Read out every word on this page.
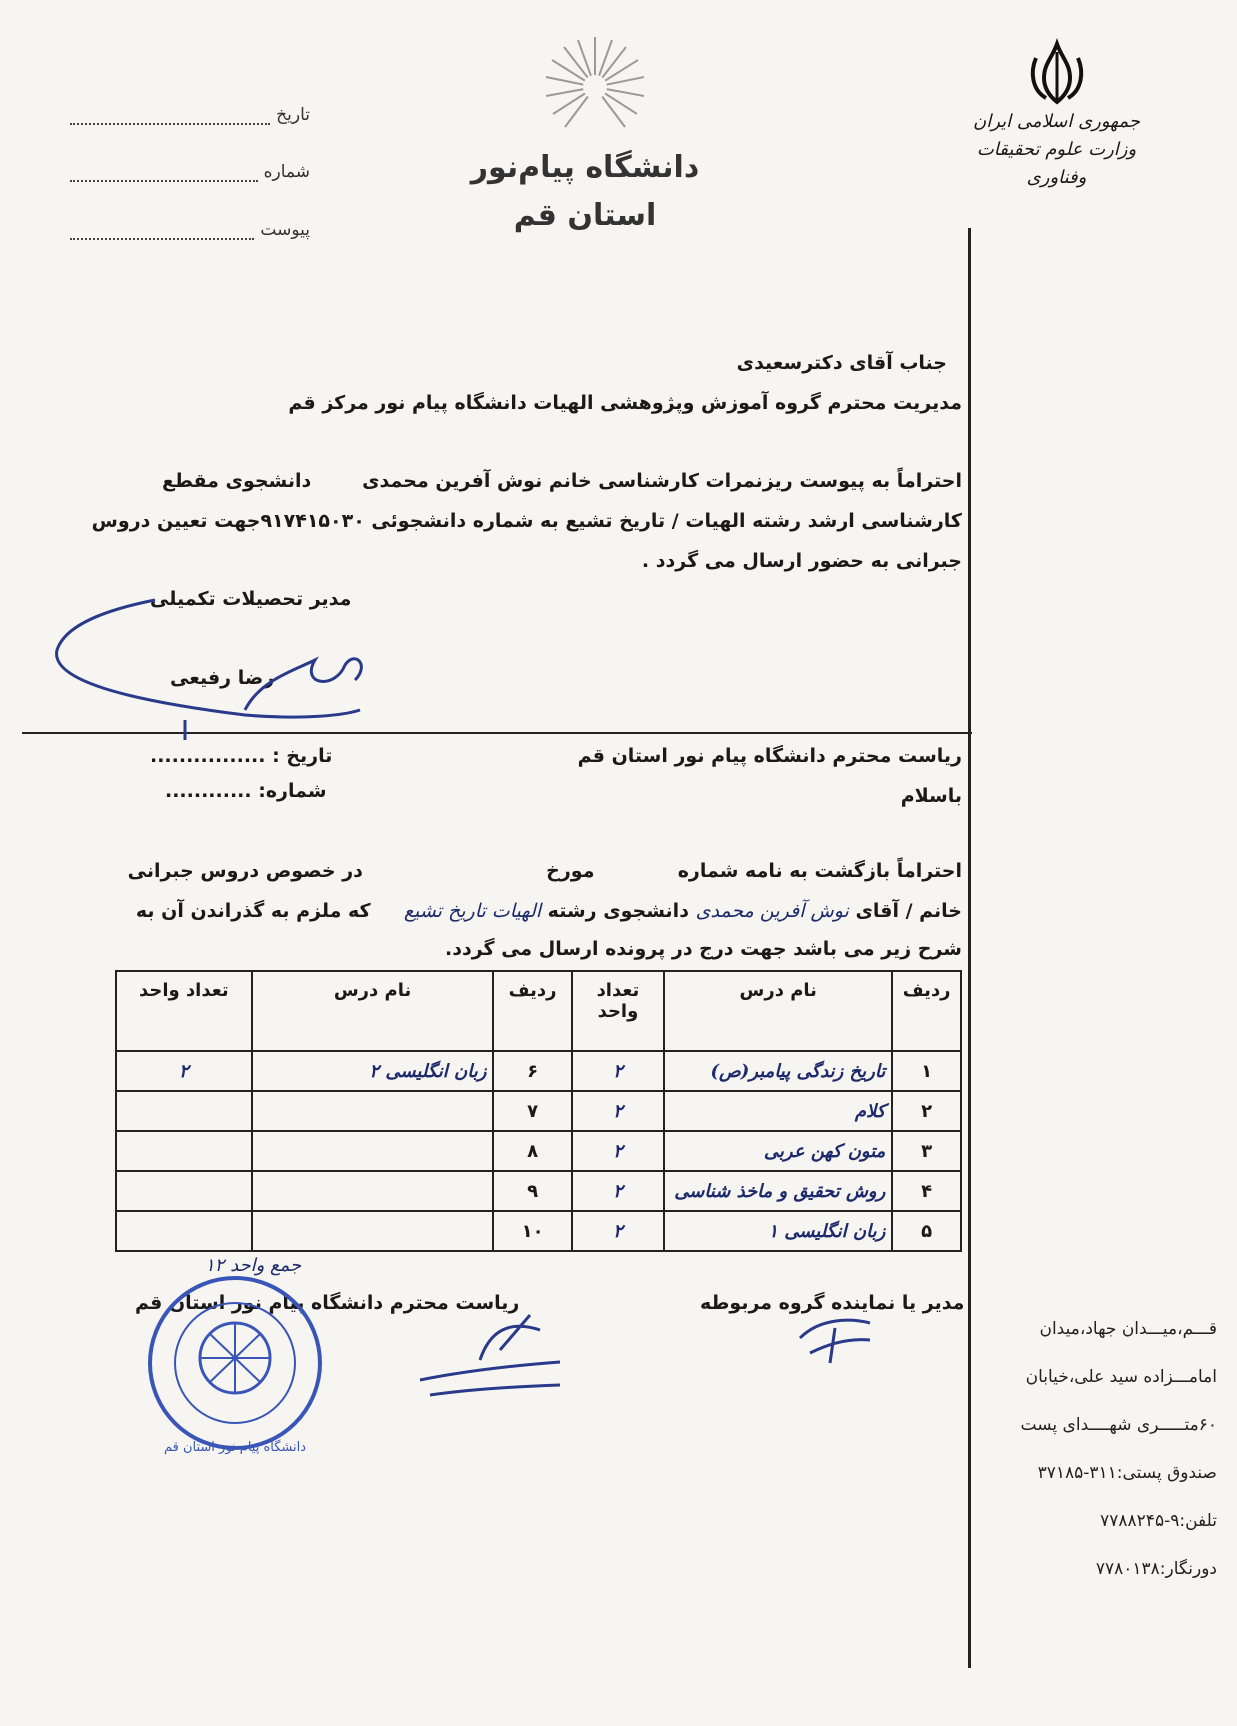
جمهوری اسلامی ایران
وزارت علوم تحقیقات وفناوری
دانشگاه پیام‌نور
استان قم
تاریخ
شماره
پیوست
جناب آقای دکترسعیدی
مدیریت محترم گروه آموزش وپژوهشی الهیات دانشگاه پیام نور مرکز قم
احتراماً به پیوست ریزنمرات کارشناسی خانم نوش آفرین محمدی
دانشجوی مقطع
کارشناسی ارشد رشته الهیات / تاریخ تشیع به شماره دانشجوئی ۹۱۷۴۱۵۰۳۰جهت تعیین دروس
جبرانی به حضور ارسال می گردد .
مدیر تحصیلات تکمیلی
رضا رفیعی
ریاست محترم دانشگاه پیام نور استان قم
باسلام
تاریخ : ................
شماره: ............
احتراماً بازگشت به نامه شماره  مورخ  در خصوص دروس جبرانی
خانم / آقای نوش آفرین محمدی دانشجوی رشته الهیات تاریخ تشیع  که ملزم به گذراندن آن به
شرح زیر می باشد جهت درج در پرونده ارسال می گردد.
ردیف	نام درس	تعداد واحد	ردیف	نام درس	تعداد واحد
۱	تاریخ زندگی پیامبر(ص)	۲	۶	زبان انگلیسی ۲	۲
۲	کلام	۲	۷		
۳	متون کهن عربی	۲	۸		
۴	روش تحقیق و ماخذ شناسی	۲	۹		
۵	زبان انگلیسی ۱	۲	۱۰		
مدیر یا نماینده گروه مربوطه
ریاست محترم دانشگاه پیام نور استان قم
جمع واحد ۱۲
دانشگاه پیام نور استان قم
قـــم،میـــدان جهاد،میدان
امامـــزاده سید علی،خیابان
۶۰متـــــری شهــــدای پست
صندوق پستی:۳۱۱-۳۷۱۸۵
تلفن:۹-۷۷۸۸۲۴۵
دورنگار:۷۷۸۰۱۳۸
